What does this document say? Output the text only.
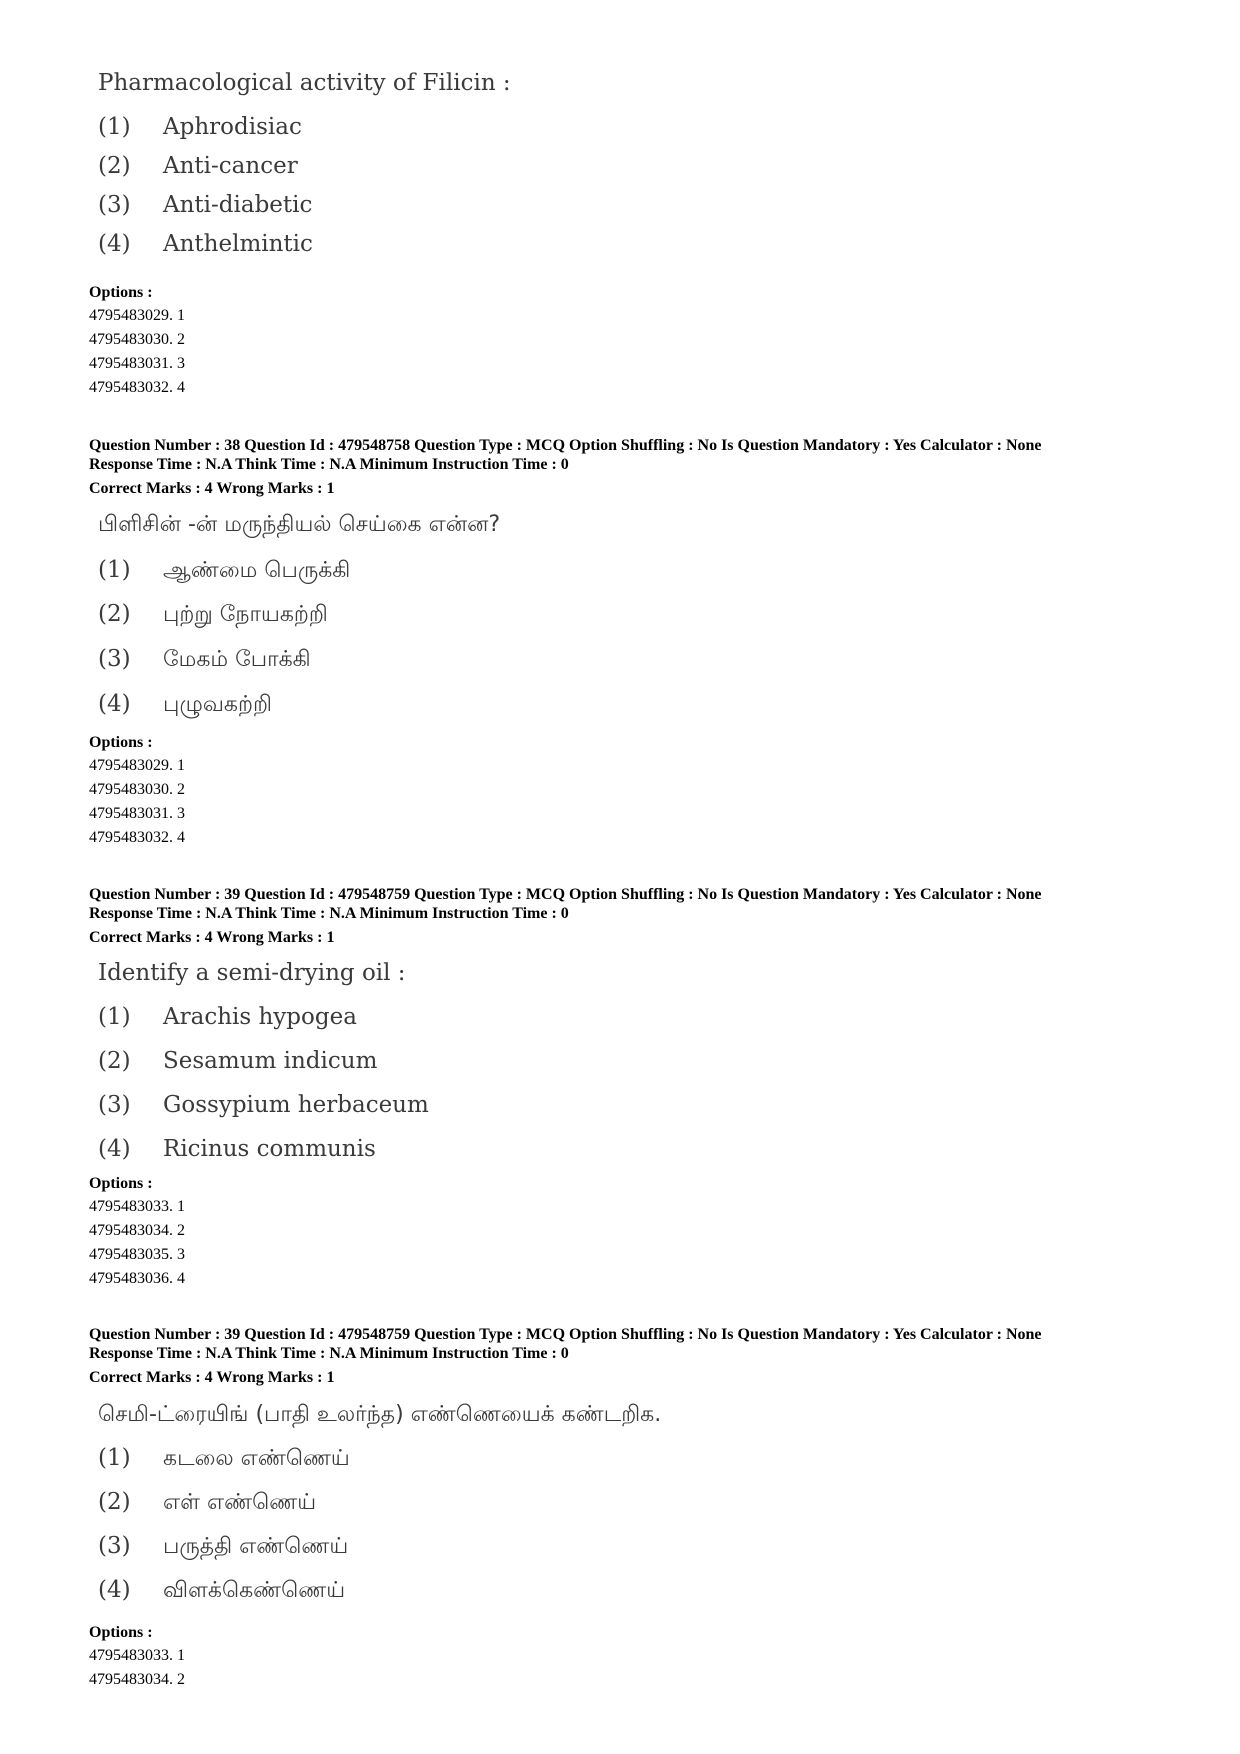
Pharmacological activity of Filicin :
(1) Aphrodisiac
(2) Anti-cancer
(3) Anti-diabetic
(4) Anthelmintic
Options :
4795483029. 1
4795483030. 2
4795483031. 3
4795483032. 4
Question Number : 38 Question Id : 479548758 Question Type : MCQ Option Shuffling : No Is Question Mandatory : Yes Calculator : None
Response Time : N.A Think Time : N.A Minimum Instruction Time : 0
Correct Marks : 4 Wrong Marks : 1
பிளிசின் -ன் மருந்தியல் செய்கை என்ன?
(1) ஆண்மை பெருக்கி
(2) புற்று நோயகற்றி
(3) மேகம் போக்கி
(4) புழுவகற்றி
Options :
4795483029. 1
4795483030. 2
4795483031. 3
4795483032. 4
Question Number : 39 Question Id : 479548759 Question Type : MCQ Option Shuffling : No Is Question Mandatory : Yes Calculator : None
Response Time : N.A Think Time : N.A Minimum Instruction Time : 0
Correct Marks : 4 Wrong Marks : 1
Identify a semi-drying oil :
(1) Arachis hypogea
(2) Sesamum indicum
(3) Gossypium herbaceum
(4) Ricinus communis
Options :
4795483033. 1
4795483034. 2
4795483035. 3
4795483036. 4
Question Number : 39 Question Id : 479548759 Question Type : MCQ Option Shuffling : No Is Question Mandatory : Yes Calculator : None
Response Time : N.A Think Time : N.A Minimum Instruction Time : 0
Correct Marks : 4 Wrong Marks : 1
செமி-ட்ரையிங் (பாதி உலர்ந்த) எண்ணெயைக் கண்டறிக.
(1) கடலை எண்ணெய்
(2) எள் எண்ணெய்
(3) பருத்தி எண்ணெய்
(4) விளக்கெண்ணெய்
Options :
4795483033. 1
4795483034. 2
